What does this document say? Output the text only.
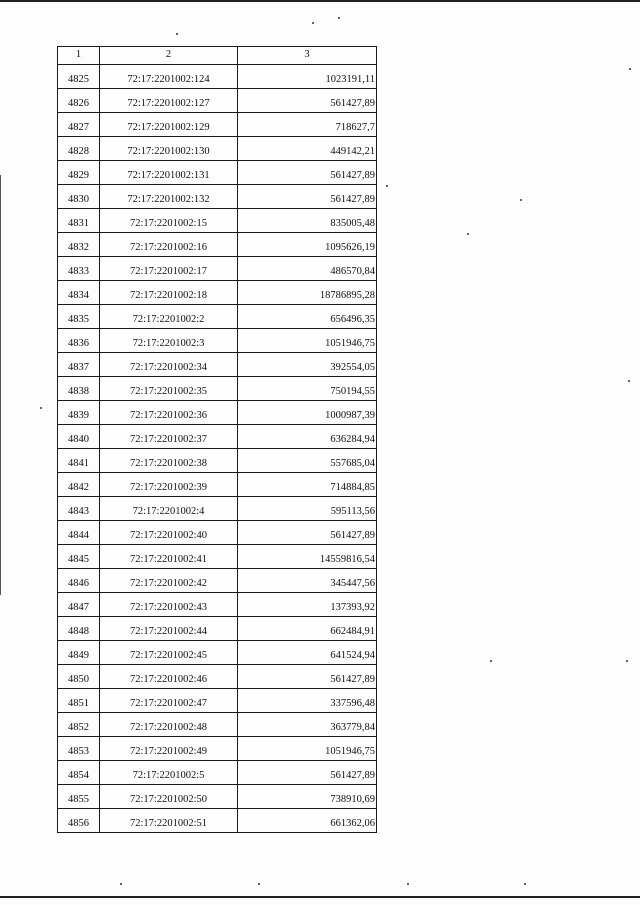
1	2	3
4825	72:17:2201002:124	1023191,11
4826	72:17:2201002:127	561427,89
4827	72:17:2201002:129	718627,7
4828	72:17:2201002:130	449142,21
4829	72:17:2201002:131	561427,89
4830	72:17:2201002:132	561427,89
4831	72:17:2201002:15	835005,48
4832	72:17:2201002:16	1095626,19
4833	72:17:2201002:17	486570,84
4834	72:17:2201002:18	18786895,28
4835	72:17:2201002:2	656496,35
4836	72:17:2201002:3	1051946,75
4837	72:17:2201002:34	392554,05
4838	72:17:2201002:35	750194,55
4839	72:17:2201002:36	1000987,39
4840	72:17:2201002:37	636284,94
4841	72:17:2201002:38	557685,04
4842	72:17:2201002:39	714884,85
4843	72:17:2201002:4	595113,56
4844	72:17:2201002:40	561427,89
4845	72:17:2201002:41	14559816,54
4846	72:17:2201002:42	345447,56
4847	72:17:2201002:43	137393,92
4848	72:17:2201002:44	662484,91
4849	72:17:2201002:45	641524,94
4850	72:17:2201002:46	561427,89
4851	72:17:2201002:47	337596,48
4852	72:17:2201002:48	363779,84
4853	72:17:2201002:49	1051946,75
4854	72:17:2201002:5	561427,89
4855	72:17:2201002:50	738910,69
4856	72:17:2201002:51	661362,06
